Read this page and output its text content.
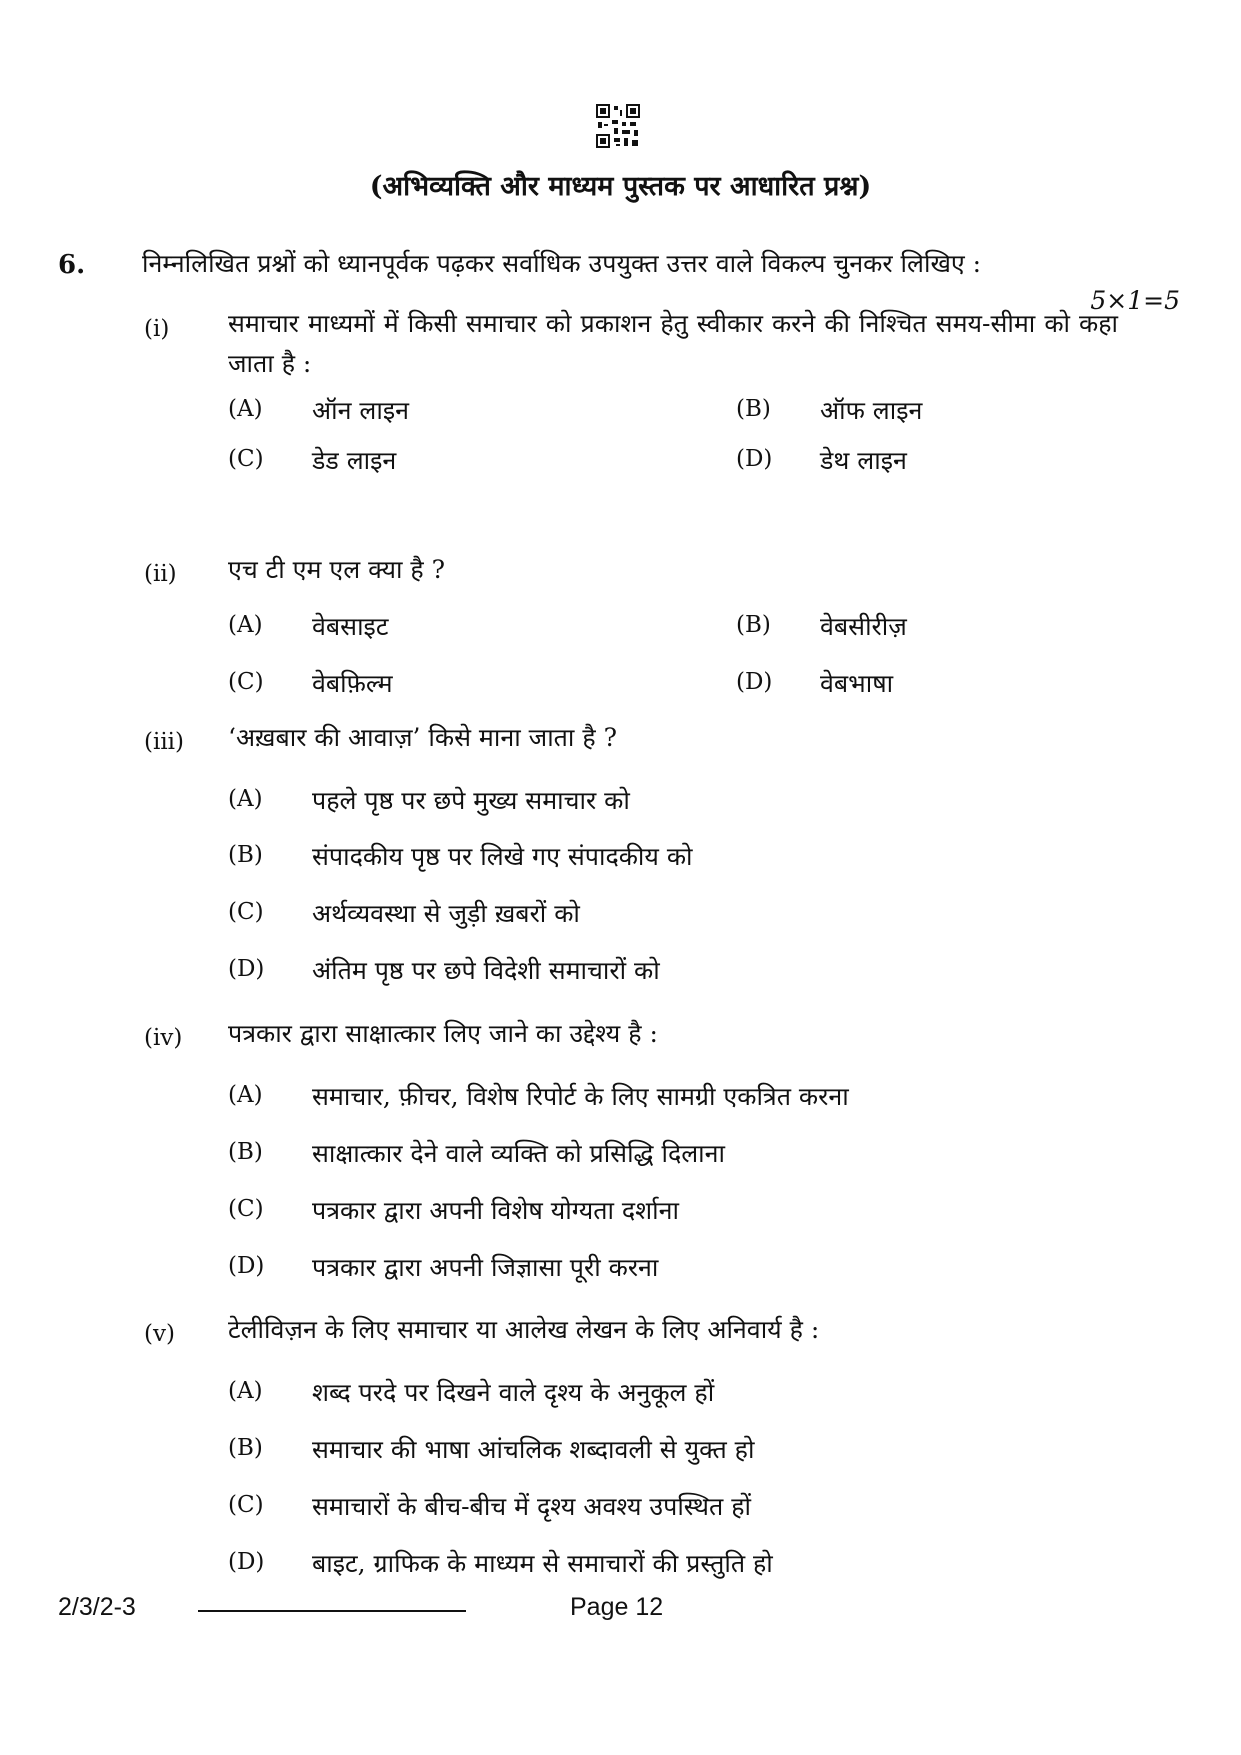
(अभिव्यक्ति और माध्यम पुस्तक पर आधारित प्रश्न)
6. निम्नलिखित प्रश्नों को ध्यानपूर्वक पढ़कर सर्वाधिक उपयुक्त उत्तर वाले विकल्प चुनकर लिखिए :
5×1=5
(i) समाचार माध्यमों में किसी समाचार को प्रकाशन हेतु स्वीकार करने की निश्चित समय-सीमा को कहा जाता है :
(A) ऑन लाइन	(B) ऑफ लाइन
(C) डेड लाइन	(D) डेथ लाइन
(ii) एच टी एम एल क्या है ?
(A) वेबसाइट	(B) वेबसीरीज़
(C) वेबफ़िल्म	(D) वेबभाषा
(iii) ‘अख़बार की आवाज़’ किसे माना जाता है ?
(A) पहले पृष्ठ पर छपे मुख्य समाचार को
(B) संपादकीय पृष्ठ पर लिखे गए संपादकीय को
(C) अर्थव्यवस्था से जुड़ी ख़बरों को
(D) अंतिम पृष्ठ पर छपे विदेशी समाचारों को
(iv) पत्रकार द्वारा साक्षात्कार लिए जाने का उद्देश्य है :
(A) समाचार, फ़ीचर, विशेष रिपोर्ट के लिए सामग्री एकत्रित करना
(B) साक्षात्कार देने वाले व्यक्ति को प्रसिद्धि दिलाना
(C) पत्रकार द्वारा अपनी विशेष योग्यता दर्शाना
(D) पत्रकार द्वारा अपनी जिज्ञासा पूरी करना
(v) टेलीविज़न के लिए समाचार या आलेख लेखन के लिए अनिवार्य है :
(A) शब्द परदे पर दिखने वाले दृश्य के अनुकूल हों
(B) समाचार की भाषा आंचलिक शब्दावली से युक्त हो
(C) समाचारों के बीच-बीच में दृश्य अवश्य उपस्थित हों
(D) बाइट, ग्राफिक के माध्यम से समाचारों की प्रस्तुति हो
2/3/2-3	Page 12
